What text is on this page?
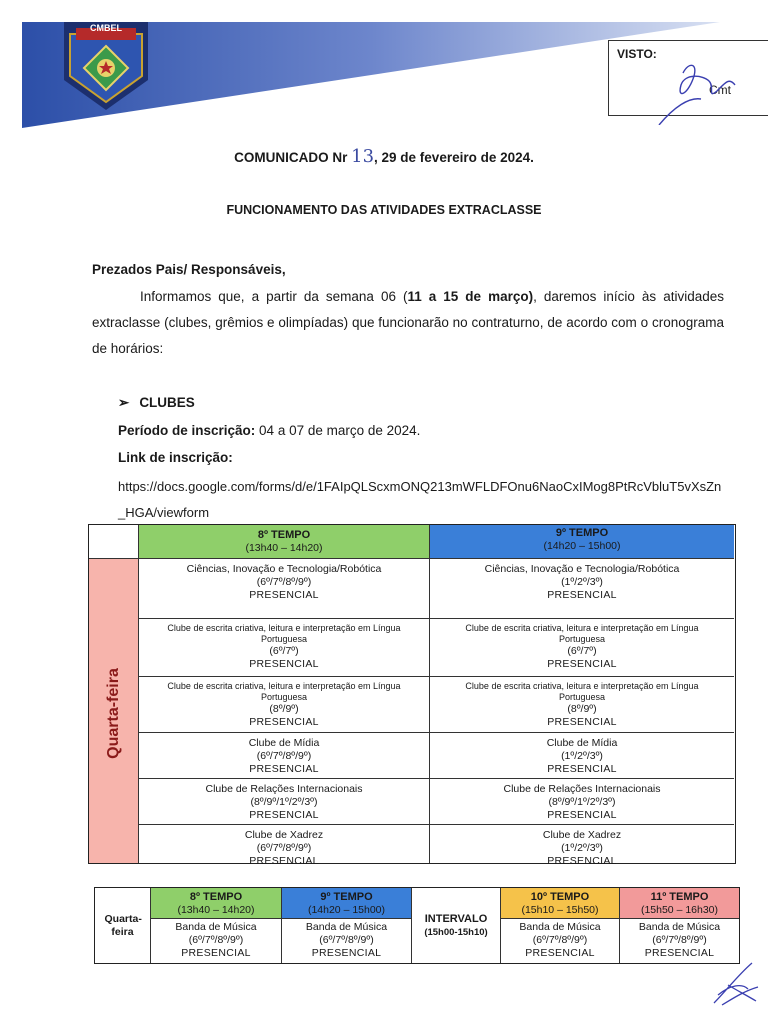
CMBEL
VISTO:
Cmt
COMUNICADO Nr 13, 29 de fevereiro de 2024.
FUNCIONAMENTO DAS ATIVIDADES EXTRACLASSE
Prezados Pais/ Responsáveis,
Informamos que, a partir da semana 06 (11 a 15 de março), daremos início às atividades extraclasse (clubes, grêmios e olimpíadas) que funcionarão no contraturno, de acordo com o cronograma de horários:
➢ CLUBES
Período de inscrição: 04 a 07 de março de 2024.
Link de inscrição:
https://docs.google.com/forms/d/e/1FAIpQLScxmONQ213mWFLDFOnu6NaoCxIMog8PtRcVbluT5vXsZn_HGA/viewform
8º TEMPO
(13h40 – 14h20)
9º TEMPO
(14h20 – 15h00)
Quarta-feira
Ciências, Inovação e Tecnologia/Robótica
(6º/7º/8º/9º)
PRESENCIAL
Ciências, Inovação e Tecnologia/Robótica
(1º/2º/3º)
PRESENCIAL
Clube de escrita criativa, leitura e interpretação em Língua Portuguesa
(6º/7º)
PRESENCIAL
Clube de escrita criativa, leitura e interpretação em Língua Portuguesa
(6º/7º)
PRESENCIAL
Clube de escrita criativa, leitura e interpretação em Língua Portuguesa
(8º/9º)
PRESENCIAL
Clube de escrita criativa, leitura e interpretação em Língua Portuguesa
(8º/9º)
PRESENCIAL
Clube de Mídia
(6º/7º/8º/9º)
PRESENCIAL
Clube de Mídia
(1º/2º/3º)
PRESENCIAL
Clube de Relações Internacionais
(8º/9º/1º/2º/3º)
PRESENCIAL
Clube de Relações Internacionais
(8º/9º/1º/2º/3º)
PRESENCIAL
Clube de Xadrez
(6º/7º/8º/9º)
PRESENCIAL
Clube de Xadrez
(1º/2º/3º)
PRESENCIAL
Quarta-feira
8º TEMPO
(13h40 – 14h20)
Banda de Música
(6º/7º/8º/9º)
PRESENCIAL
9º TEMPO
(14h20 – 15h00)
Banda de Música
(6º/7º/8º/9º)
PRESENCIAL
INTERVALO
(15h00-15h10)
10º TEMPO
(15h10 – 15h50)
Banda de Música
(6º/7º/8º/9º)
PRESENCIAL
11º TEMPO
(15h50 – 16h30)
Banda de Música
(6º/7º/8º/9º)
PRESENCIAL
